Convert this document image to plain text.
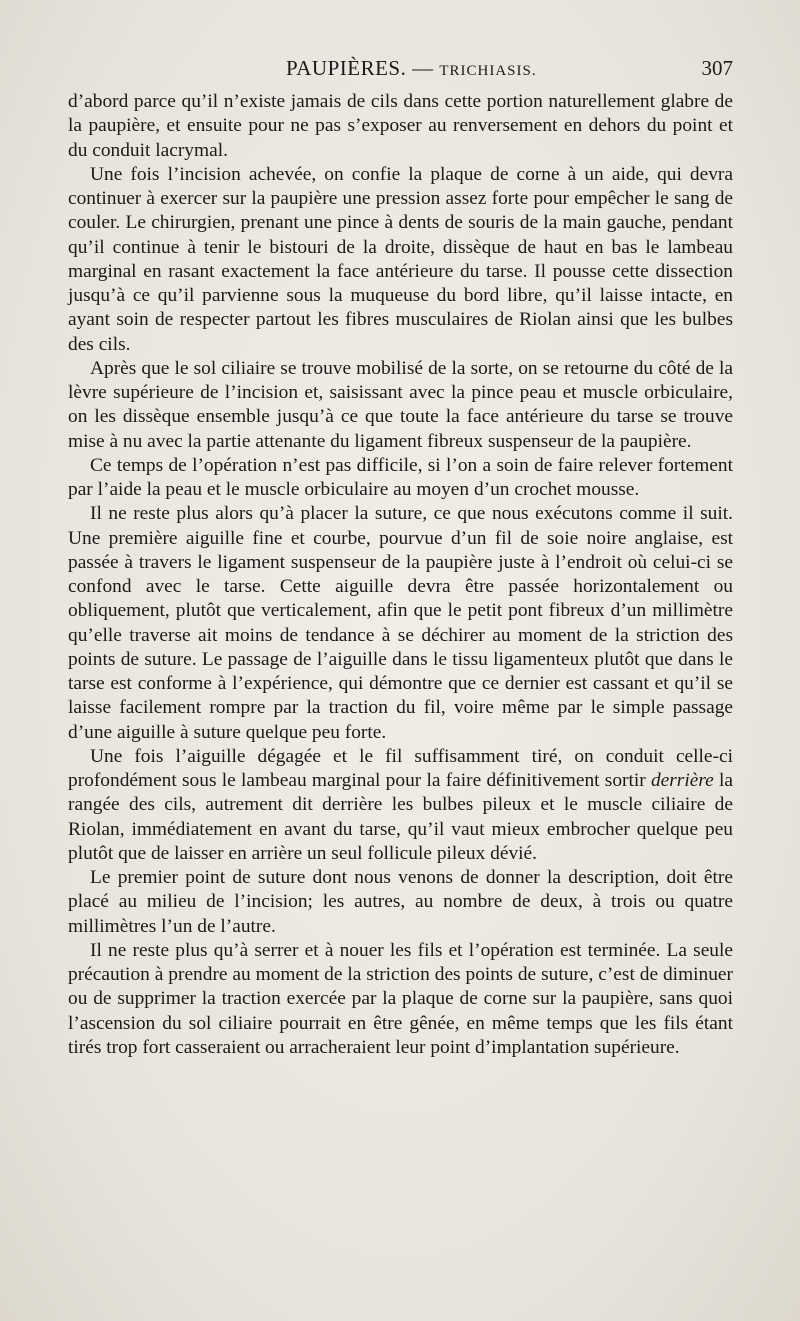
PAUPIÈRES. — TRICHIASIS.	307

d’abord parce qu’il n’existe jamais de cils dans cette portion naturellement glabre de la paupière, et ensuite pour ne pas s’exposer au renversement en dehors du point et du conduit lacrymal.

Une fois l’incision achevée, on confie la plaque de corne à un aide, qui devra continuer à exercer sur la paupière une pression assez forte pour empêcher le sang de couler. Le chirurgien, prenant une pince à dents de souris de la main gauche, pendant qu’il continue à tenir le bistouri de la droite, dissèque de haut en bas le lambeau marginal en rasant exactement la face antérieure du tarse. Il pousse cette dissection jusqu’à ce qu’il parvienne sous la muqueuse du bord libre, qu’il laisse intacte, en ayant soin de respecter partout les fibres musculaires de Riolan ainsi que les bulbes des cils.

Après que le sol ciliaire se trouve mobilisé de la sorte, on se retourne du côté de la lèvre supérieure de l’incision et, saisissant avec la pince peau et muscle orbiculaire, on les dissèque ensemble jusqu’à ce que toute la face antérieure du tarse se trouve mise à nu avec la partie attenante du ligament fibreux suspenseur de la paupière.

Ce temps de l’opération n’est pas difficile, si l’on a soin de faire relever fortement par l’aide la peau et le muscle orbiculaire au moyen d’un crochet mousse.

Il ne reste plus alors qu’à placer la suture, ce que nous exécutons comme il suit. Une première aiguille fine et courbe, pourvue d’un fil de soie noire anglaise, est passée à travers le ligament suspenseur de la paupière juste à l’endroit où celui-ci se confond avec le tarse. Cette aiguille devra être passée horizontalement ou obliquement, plutôt que verticalement, afin que le petit pont fibreux d’un millimètre qu’elle traverse ait moins de tendance à se déchirer au moment de la striction des points de suture. Le passage de l’aiguille dans le tissu ligamenteux plutôt que dans le tarse est conforme à l’expérience, qui démontre que ce dernier est cassant et qu’il se laisse facilement rompre par la traction du fil, voire même par le simple passage d’une aiguille à suture quelque peu forte.

Une fois l’aiguille dégagée et le fil suffisamment tiré, on conduit celle-ci profondément sous le lambeau marginal pour la faire définitivement sortir derrière la rangée des cils, autrement dit derrière les bulbes pileux et le muscle ciliaire de Riolan, immédiatement en avant du tarse, qu’il vaut mieux embrocher quelque peu plutôt que de laisser en arrière un seul follicule pileux dévié.

Le premier point de suture dont nous venons de donner la description, doit être placé au milieu de l’incision; les autres, au nombre de deux, à trois ou quatre millimètres l’un de l’autre.

Il ne reste plus qu’à serrer et à nouer les fils et l’opération est terminée. La seule précaution à prendre au moment de la striction des points de suture, c’est de diminuer ou de supprimer la traction exercée par la plaque de corne sur la paupière, sans quoi l’ascension du sol ciliaire pourrait en être gênée, en même temps que les fils étant tirés trop fort casseraient ou arracheraient leur point d’implantation supérieure.
